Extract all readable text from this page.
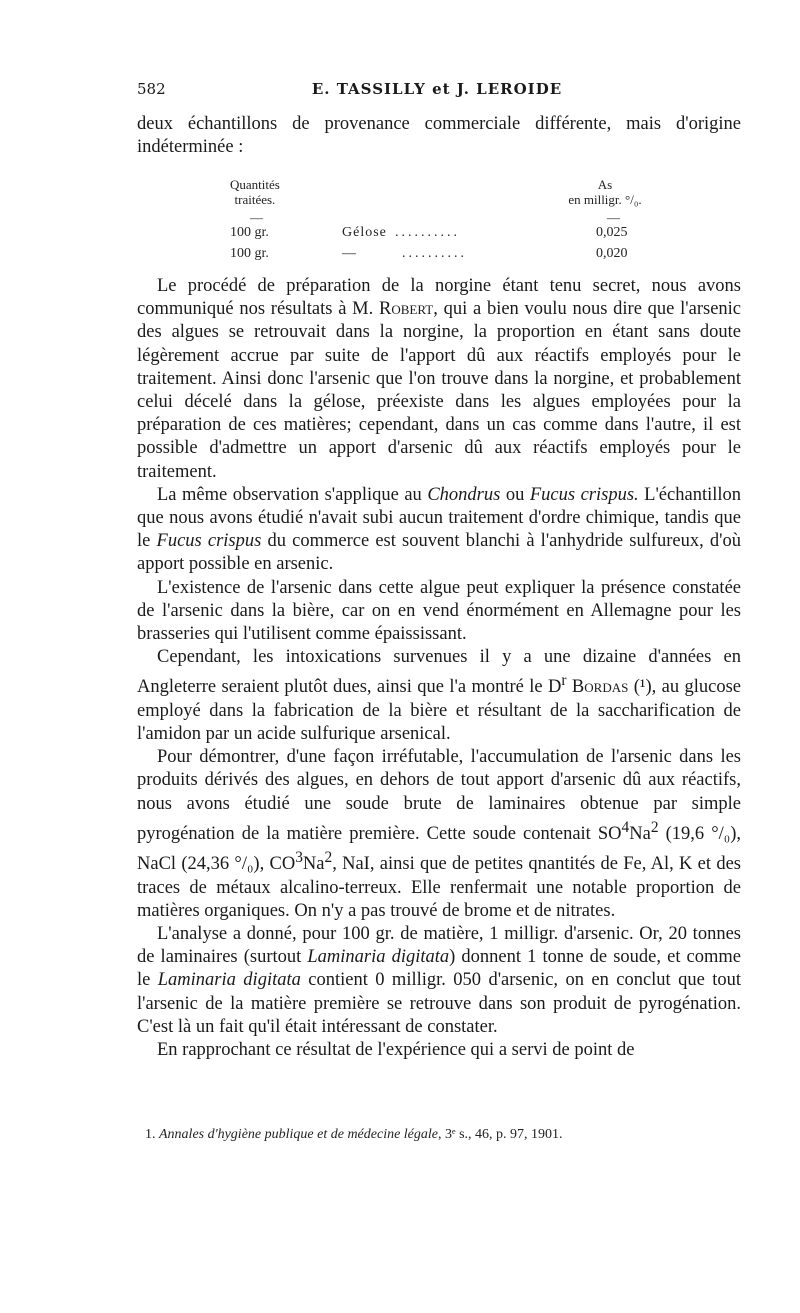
582	E. TASSILLY et J. LEROIDE

deux échantillons de provenance commerciale différente, mais d'origine indéterminée :

Quantités
traitées.
As
en milligr. °/₀.
—	—
100 gr.	Gélose ..........	0,025
100 gr.	—	..........	0,020

Le procédé de préparation de la norgine étant tenu secret, nous avons communiqué nos résultats à M. Robert, qui a bien voulu nous dire que l'arsenic des algues se retrouvait dans la norgine, la proportion en étant sans doute légèrement accrue par suite de l'apport dû aux réactifs employés pour le traitement. Ainsi donc l'arsenic que l'on trouve dans la norgine, et probablement celui décelé dans la gélose, préexiste dans les algues employées pour la préparation de ces matières; cependant, dans un cas comme dans l'autre, il est possible d'admettre un apport d'arsenic dû aux réactifs employés pour le traitement.

La même observation s'applique au Chondrus ou Fucus crispus. L'échantillon que nous avons étudié n'avait subi aucun traitement d'ordre chimique, tandis que le Fucus crispus du commerce est souvent blanchi à l'anhydride sulfureux, d'où apport possible en arsenic.

L'existence de l'arsenic dans cette algue peut expliquer la présence constatée de l'arsenic dans la bière, car on en vend énormément en Allemagne pour les brasseries qui l'utilisent comme épaississant.

Cependant, les intoxications survenues il y a une dizaine d'années en Angleterre seraient plutôt dues, ainsi que l'a montré le $D^r$ Bordas (¹), au glucose employé dans la fabrication de la bière et résultant de la saccharification de l'amidon par un acide sulfurique arsenical.

Pour démontrer, d'une façon irréfutable, l'accumulation de l'arsenic dans les produits dérivés des algues, en dehors de tout apport d'arsenic dû aux réactifs, nous avons étudié une soude brute de laminaires obtenue par simple pyrogénation de la matière première. Cette soude contenait $SO^4Na^2$ (19,6 °/₀), NaCl (24,36 °/₀), $CO^3Na^2$, NaI, ainsi que de petites qnantités de Fe, Al, K et des traces de métaux alcalino-terreux. Elle renfermait une notable proportion de matières organiques. On n'y a pas trouvé de brome et de nitrates.

L'analyse a donné, pour 100 gr. de matière, 1 milligr. d'arsenic. Or, 20 tonnes de laminaires (surtout Laminaria digitata) donnent 1 tonne de soude, et comme le Laminaria digitata contient 0 milligr. 050 d'arsenic, on en conclut que tout l'arsenic de la matière première se retrouve dans son produit de pyrogénation. C'est là un fait qu'il était intéressant de constater.

En rapprochant ce résultat de l'expérience qui a servi de point de

1. Annales d'hygiène publique et de médecine légale, 3ᵉ s., 46, p. 97, 1901.
